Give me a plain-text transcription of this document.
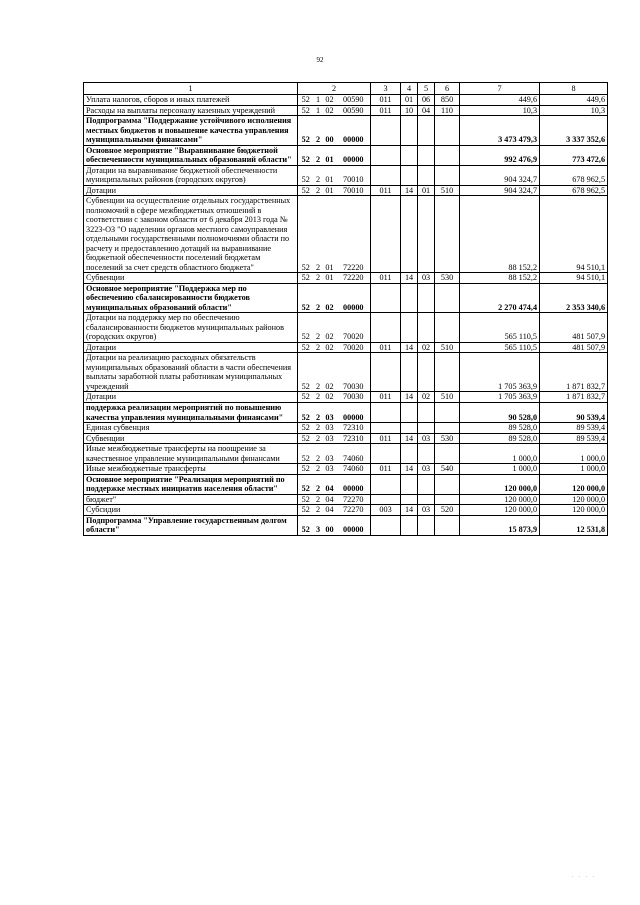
92
1	2				3	4	5	6	7	8
Уплата налогов, сборов и иных платежей	52	1	02	00590	011	01	06	850	449,6	449,6
Расходы на выплаты персоналу казенных учреждений	52	1	02	00590	011	10	04	110	10,3	10,3
Подпрограмма "Поддержание устойчивого исполнения местных бюджетов и повышение качества управления муниципальными финансами"	52	2	00	00000					3 473 479,3	3 337 352,6
Основное мероприятие "Выравнивание бюджетной обеспеченности муниципальных образований области"	52	2	01	00000					992 476,9	773 472,6
Дотации на выравнивание бюджетной обеспеченности муниципальных районов (городских округов)	52	2	01	70010					904 324,7	678 962,5
Дотации	52	2	01	70010	011	14	01	510	904 324,7	678 962,5
Субвенции на осуществление отдельных государственных полномочий в сфере межбюджетных отношений в соответствии с законом области от 6 декабря 2013 года № 3223-ОЗ "О наделении органов местного самоуправления отдельными государственными полномочиями области по расчету и предоставлению дотаций на выравнивание бюджетной обеспеченности поселений бюджетам поселений за счет средств областного бюджета"	52	2	01	72220					88 152,2	94 510,1
Субвенции	52	2	01	72220	011	14	03	530	88 152,2	94 510,1
Основное мероприятие "Поддержка мер по обеспечению сбалансированности бюджетов муниципальных образований области"	52	2	02	00000					2 270 474,4	2 353 340,6
Дотации на поддержку мер по обеспечению сбалансированности бюджетов муниципальных районов (городских округов)	52	2	02	70020					565 110,5	481 507,9
Дотации	52	2	02	70020	011	14	02	510	565 110,5	481 507,9
Дотации на реализацию расходных обязательств муниципальных образований области в части обеспечения выплаты заработной платы работникам муниципальных учреждений	52	2	02	70030					1 705 363,9	1 871 832,7
Дотации	52	2	02	70030	011	14	02	510	1 705 363,9	1 871 832,7
поддержка реализации мероприятий по повышению качества управления муниципальными финансами"	52	2	03	00000					90 528,0	90 539,4
Единая субвенция	52	2	03	72310					89 528,0	89 539,4
Субвенции	52	2	03	72310	011	14	03	530	89 528,0	89 539,4
Иные межбюджетные трансферты на поощрение за качественное управление муниципальными финансами	52	2	03	74060					1 000,0	1 000,0
Иные межбюджетные трансферты	52	2	03	74060	011	14	03	540	1 000,0	1 000,0
Основное мероприятие "Реализация мероприятий по поддержке местных инициатив населения области"	52	2	04	00000					120 000,0	120 000,0
бюджет"	52	2	04	72270					120 000,0	120 000,0
Субсидии	52	2	04	72270	003	14	03	520	120 000,0	120 000,0
Подпрограмма "Управление государственным долгом области"	52	3	00	00000					15 873,9	12 531,8
. . . .
